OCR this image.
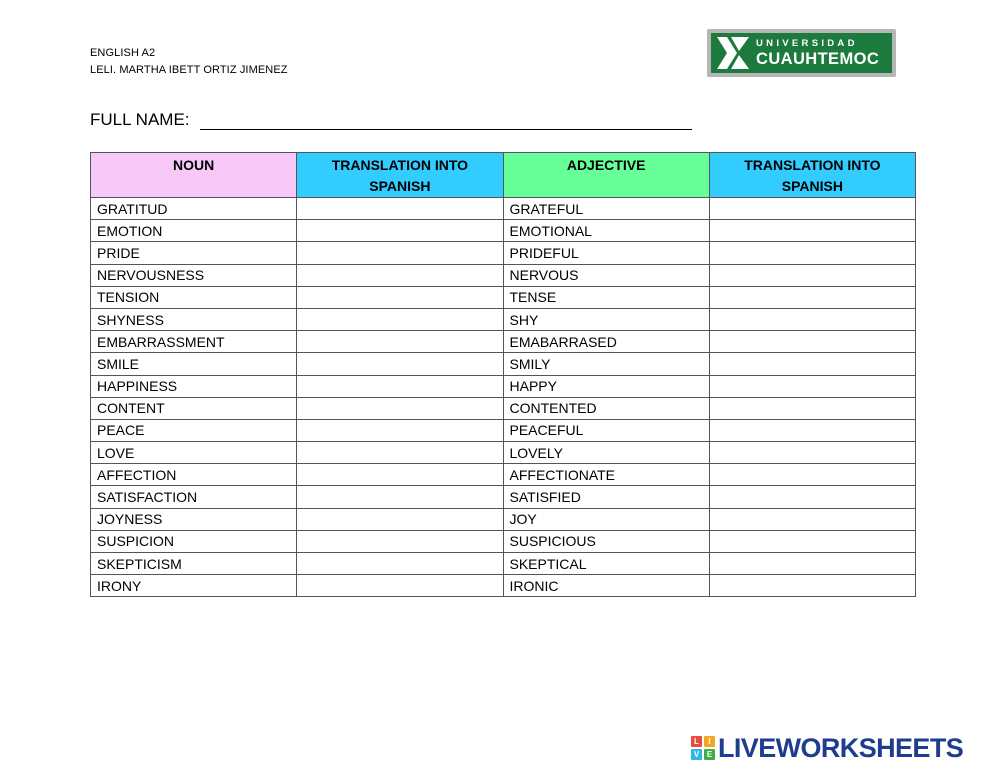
ENGLISH A2
LELI. MARTHA IBETT ORTIZ JIMENEZ
UNIVERSIDAD
CUAUHTEMOC
FULL NAME:
NOUN	TRANSLATION INTO SPANISH	ADJECTIVE	TRANSLATION INTO SPANISH
GRATITUD		GRATEFUL	
EMOTION		EMOTIONAL	
PRIDE		PRIDEFUL	
NERVOUSNESS		NERVOUS	
TENSION		TENSE	
SHYNESS		SHY	
EMBARRASSMENT		EMABARRASED	
SMILE		SMILY	
HAPPINESS		HAPPY	
CONTENT		CONTENTED	
PEACE		PEACEFUL	
LOVE		LOVELY	
AFFECTION		AFFECTIONATE	
SATISFACTION		SATISFIED	
JOYNESS		JOY	
SUSPICION		SUSPICIOUS	
SKEPTICISM		SKEPTICAL	
IRONY		IRONIC	
L	I
V E LIVEWORKSHEETS
